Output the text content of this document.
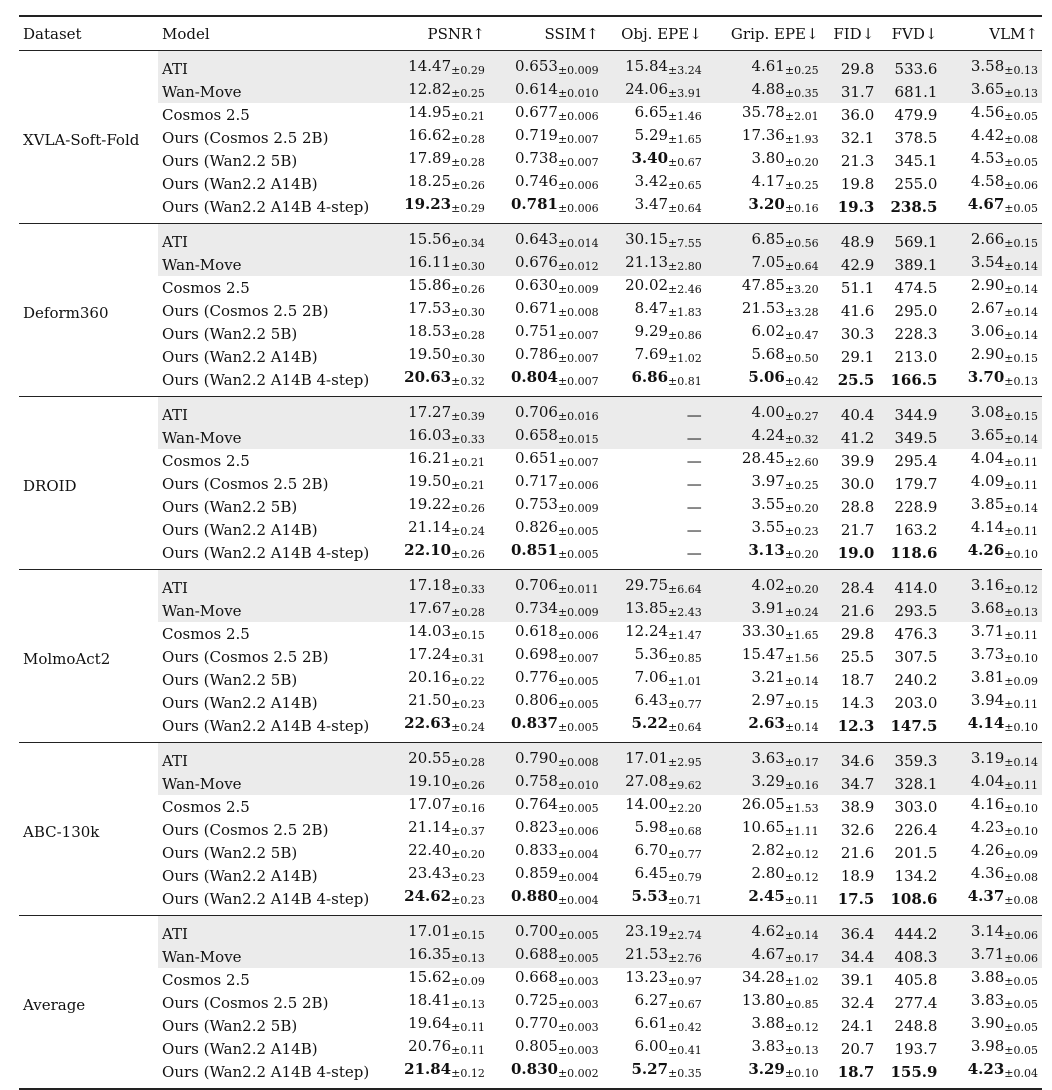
Dataset	Model	PSNR↑	SSIM↑	Obj. EPE↓	Grip. EPE↓	FID↓	FVD↓	VLM↑
XVLA-Soft-Fold	ATI	$14.47_{\pm 0.29}$	$0.653_{\pm 0.009}$	$15.84_{\pm 3.24}$	$4.61_{\pm 0.25}$	29.8	533.6	$3.58_{\pm 0.13}$
	Wan-Move	$12.82_{\pm 0.25}$	$0.614_{\pm 0.010}$	$24.06_{\pm 3.91}$	$4.88_{\pm 0.35}$	31.7	681.1	$3.65_{\pm 0.13}$
	Cosmos 2.5	$14.95_{\pm 0.21}$	$0.677_{\pm 0.006}$	$6.65_{\pm 1.46}$	$35.78_{\pm 2.01}$	36.0	479.9	$4.56_{\pm 0.05}$
	Ours (Cosmos 2.5 2B)	$16.62_{\pm 0.28}$	$0.719_{\pm 0.007}$	$5.29_{\pm 1.65}$	$17.36_{\pm 1.93}$	32.1	378.5	$4.42_{\pm 0.08}$
	Ours (Wan2.2 5B)	$17.89_{\pm 0.28}$	$0.738_{\pm 0.007}$	$3.40_{\pm 0.67}$	$3.80_{\pm 0.20}$	21.3	345.1	$4.53_{\pm 0.05}$
	Ours (Wan2.2 A14B)	$18.25_{\pm 0.26}$	$0.746_{\pm 0.006}$	$3.42_{\pm 0.65}$	$4.17_{\pm 0.25}$	19.8	255.0	$4.58_{\pm 0.06}$
	Ours (Wan2.2 A14B 4-step)	$19.23_{\pm 0.29}$	$0.781_{\pm 0.006}$	$3.47_{\pm 0.64}$	$3.20_{\pm 0.16}$	19.3	238.5	$4.67_{\pm 0.05}$
Deform360	ATI	$15.56_{\pm 0.34}$	$0.643_{\pm 0.014}$	$30.15_{\pm 7.55}$	$6.85_{\pm 0.56}$	48.9	569.1	$2.66_{\pm 0.15}$
	Wan-Move	$16.11_{\pm 0.30}$	$0.676_{\pm 0.012}$	$21.13_{\pm 2.80}$	$7.05_{\pm 0.64}$	42.9	389.1	$3.54_{\pm 0.14}$
	Cosmos 2.5	$15.86_{\pm 0.26}$	$0.630_{\pm 0.009}$	$20.02_{\pm 2.46}$	$47.85_{\pm 3.20}$	51.1	474.5	$2.90_{\pm 0.14}$
	Ours (Cosmos 2.5 2B)	$17.53_{\pm 0.30}$	$0.671_{\pm 0.008}$	$8.47_{\pm 1.83}$	$21.53_{\pm 3.28}$	41.6	295.0	$2.67_{\pm 0.14}$
	Ours (Wan2.2 5B)	$18.53_{\pm 0.28}$	$0.751_{\pm 0.007}$	$9.29_{\pm 0.86}$	$6.02_{\pm 0.47}$	30.3	228.3	$3.06_{\pm 0.14}$
	Ours (Wan2.2 A14B)	$19.50_{\pm 0.30}$	$0.786_{\pm 0.007}$	$7.69_{\pm 1.02}$	$5.68_{\pm 0.50}$	29.1	213.0	$2.90_{\pm 0.15}$
	Ours (Wan2.2 A14B 4-step)	$20.63_{\pm 0.32}$	$0.804_{\pm 0.007}$	$6.86_{\pm 0.81}$	$5.06_{\pm 0.42}$	25.5	166.5	$3.70_{\pm 0.13}$
DROID	ATI	$17.27_{\pm 0.39}$	$0.706_{\pm 0.016}$	—	$4.00_{\pm 0.27}$	40.4	344.9	$3.08_{\pm 0.15}$
	Wan-Move	$16.03_{\pm 0.33}$	$0.658_{\pm 0.015}$	—	$4.24_{\pm 0.32}$	41.2	349.5	$3.65_{\pm 0.14}$
	Cosmos 2.5	$16.21_{\pm 0.21}$	$0.651_{\pm 0.007}$	—	$28.45_{\pm 2.60}$	39.9	295.4	$4.04_{\pm 0.11}$
	Ours (Cosmos 2.5 2B)	$19.50_{\pm 0.21}$	$0.717_{\pm 0.006}$	—	$3.97_{\pm 0.25}$	30.0	179.7	$4.09_{\pm 0.11}$
	Ours (Wan2.2 5B)	$19.22_{\pm 0.26}$	$0.753_{\pm 0.009}$	—	$3.55_{\pm 0.20}$	28.8	228.9	$3.85_{\pm 0.14}$
	Ours (Wan2.2 A14B)	$21.14_{\pm 0.24}$	$0.826_{\pm 0.005}$	—	$3.55_{\pm 0.23}$	21.7	163.2	$4.14_{\pm 0.11}$
	Ours (Wan2.2 A14B 4-step)	$22.10_{\pm 0.26}$	$0.851_{\pm 0.005}$	—	$3.13_{\pm 0.20}$	19.0	118.6	$4.26_{\pm 0.10}$
MolmoAct2	ATI	$17.18_{\pm 0.33}$	$0.706_{\pm 0.011}$	$29.75_{\pm 6.64}$	$4.02_{\pm 0.20}$	28.4	414.0	$3.16_{\pm 0.12}$
	Wan-Move	$17.67_{\pm 0.28}$	$0.734_{\pm 0.009}$	$13.85_{\pm 2.43}$	$3.91_{\pm 0.24}$	21.6	293.5	$3.68_{\pm 0.13}$
	Cosmos 2.5	$14.03_{\pm 0.15}$	$0.618_{\pm 0.006}$	$12.24_{\pm 1.47}$	$33.30_{\pm 1.65}$	29.8	476.3	$3.71_{\pm 0.11}$
	Ours (Cosmos 2.5 2B)	$17.24_{\pm 0.31}$	$0.698_{\pm 0.007}$	$5.36_{\pm 0.85}$	$15.47_{\pm 1.56}$	25.5	307.5	$3.73_{\pm 0.10}$
	Ours (Wan2.2 5B)	$20.16_{\pm 0.22}$	$0.776_{\pm 0.005}$	$7.06_{\pm 1.01}$	$3.21_{\pm 0.14}$	18.7	240.2	$3.81_{\pm 0.09}$
	Ours (Wan2.2 A14B)	$21.50_{\pm 0.23}$	$0.806_{\pm 0.005}$	$6.43_{\pm 0.77}$	$2.97_{\pm 0.15}$	14.3	203.0	$3.94_{\pm 0.11}$
	Ours (Wan2.2 A14B 4-step)	$22.63_{\pm 0.24}$	$0.837_{\pm 0.005}$	$5.22_{\pm 0.64}$	$2.63_{\pm 0.14}$	12.3	147.5	$4.14_{\pm 0.10}$
ABC-130k	ATI	$20.55_{\pm 0.28}$	$0.790_{\pm 0.008}$	$17.01_{\pm 2.95}$	$3.63_{\pm 0.17}$	34.6	359.3	$3.19_{\pm 0.14}$
	Wan-Move	$19.10_{\pm 0.26}$	$0.758_{\pm 0.010}$	$27.08_{\pm 9.62}$	$3.29_{\pm 0.16}$	34.7	328.1	$4.04_{\pm 0.11}$
	Cosmos 2.5	$17.07_{\pm 0.16}$	$0.764_{\pm 0.005}$	$14.00_{\pm 2.20}$	$26.05_{\pm 1.53}$	38.9	303.0	$4.16_{\pm 0.10}$
	Ours (Cosmos 2.5 2B)	$21.14_{\pm 0.37}$	$0.823_{\pm 0.006}$	$5.98_{\pm 0.68}$	$10.65_{\pm 1.11}$	32.6	226.4	$4.23_{\pm 0.10}$
	Ours (Wan2.2 5B)	$22.40_{\pm 0.20}$	$0.833_{\pm 0.004}$	$6.70_{\pm 0.77}$	$2.82_{\pm 0.12}$	21.6	201.5	$4.26_{\pm 0.09}$
	Ours (Wan2.2 A14B)	$23.43_{\pm 0.23}$	$0.859_{\pm 0.004}$	$6.45_{\pm 0.79}$	$2.80_{\pm 0.12}$	18.9	134.2	$4.36_{\pm 0.08}$
	Ours (Wan2.2 A14B 4-step)	$24.62_{\pm 0.23}$	$0.880_{\pm 0.004}$	$5.53_{\pm 0.71}$	$2.45_{\pm 0.11}$	17.5	108.6	$4.37_{\pm 0.08}$
Average	ATI	$17.01_{\pm 0.15}$	$0.700_{\pm 0.005}$	$23.19_{\pm 2.74}$	$4.62_{\pm 0.14}$	36.4	444.2	$3.14_{\pm 0.06}$
	Wan-Move	$16.35_{\pm 0.13}$	$0.688_{\pm 0.005}$	$21.53_{\pm 2.76}$	$4.67_{\pm 0.17}$	34.4	408.3	$3.71_{\pm 0.06}$
	Cosmos 2.5	$15.62_{\pm 0.09}$	$0.668_{\pm 0.003}$	$13.23_{\pm 0.97}$	$34.28_{\pm 1.02}$	39.1	405.8	$3.88_{\pm 0.05}$
	Ours (Cosmos 2.5 2B)	$18.41_{\pm 0.13}$	$0.725_{\pm 0.003}$	$6.27_{\pm 0.67}$	$13.80_{\pm 0.85}$	32.4	277.4	$3.83_{\pm 0.05}$
	Ours (Wan2.2 5B)	$19.64_{\pm 0.11}$	$0.770_{\pm 0.003}$	$6.61_{\pm 0.42}$	$3.88_{\pm 0.12}$	24.1	248.8	$3.90_{\pm 0.05}$
	Ours (Wan2.2 A14B)	$20.76_{\pm 0.11}$	$0.805_{\pm 0.003}$	$6.00_{\pm 0.41}$	$3.83_{\pm 0.13}$	20.7	193.7	$3.98_{\pm 0.05}$
	Ours (Wan2.2 A14B 4-step)	$21.84_{\pm 0.12}$	$0.830_{\pm 0.002}$	$5.27_{\pm 0.35}$	$3.29_{\pm 0.10}$	18.7	155.9	$4.23_{\pm 0.04}$
